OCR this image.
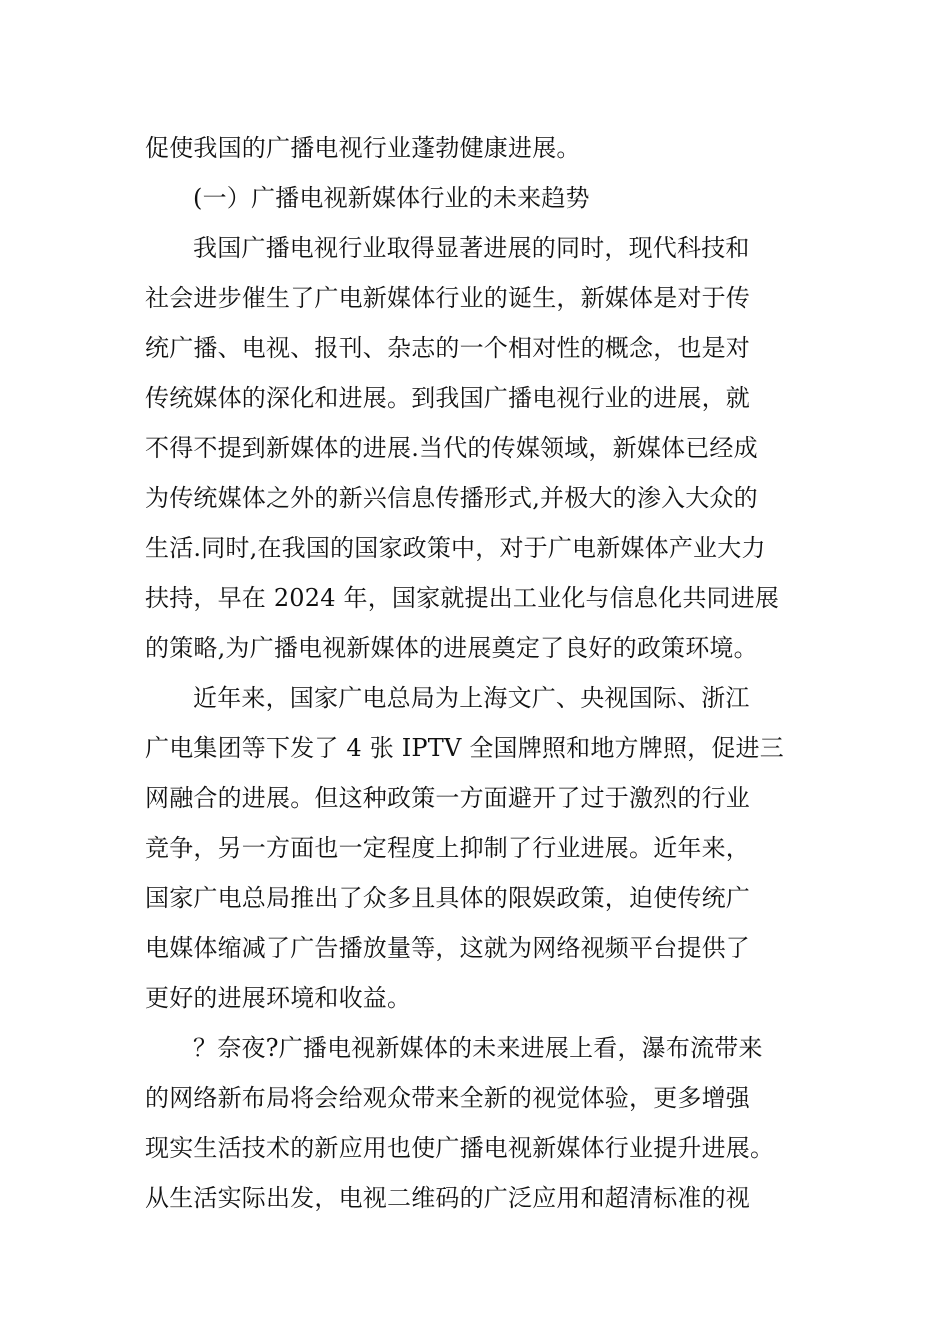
促使我国的广播电视行业蓬勃健康进展。
(一）广播电视新媒体行业的未来趋势
我国广播电视行业取得显著进展的同时，现代科技和
社会进步催生了广电新媒体行业的诞生，新媒体是对于传
统广播、电视、报刊、杂志的一个相对性的概念，也是对
传统媒体的深化和进展。到我国广播电视行业的进展，就
不得不提到新媒体的进展.当代的传媒领域，新媒体已经成
为传统媒体之外的新兴信息传播形式,并极大的渗入大众的
生活.同时,在我国的国家政策中，对于广电新媒体产业大力
扶持，早在 2024 年，国家就提出工业化与信息化共同进展
的策略,为广播电视新媒体的进展奠定了良好的政策环境。
近年来，国家广电总局为上海文广、央视国际、浙江
广电集团等下发了 4 张 IPTV 全国牌照和地方牌照，促进三
网融合的进展。但这种政策一方面避开了过于激烈的行业
竞争，另一方面也一定程度上抑制了行业进展。近年来，
国家广电总局推出了众多且具体的限娱政策，迫使传统广
电媒体缩减了广告播放量等，这就为网络视频平台提供了
更好的进展环境和收益。
？奈夜?广播电视新媒体的未来进展上看，瀑布流带来
的网络新布局将会给观众带来全新的视觉体验，更多增强
现实生活技术的新应用也使广播电视新媒体行业提升进展。
从生活实际出发，电视二维码的广泛应用和超清标准的视
